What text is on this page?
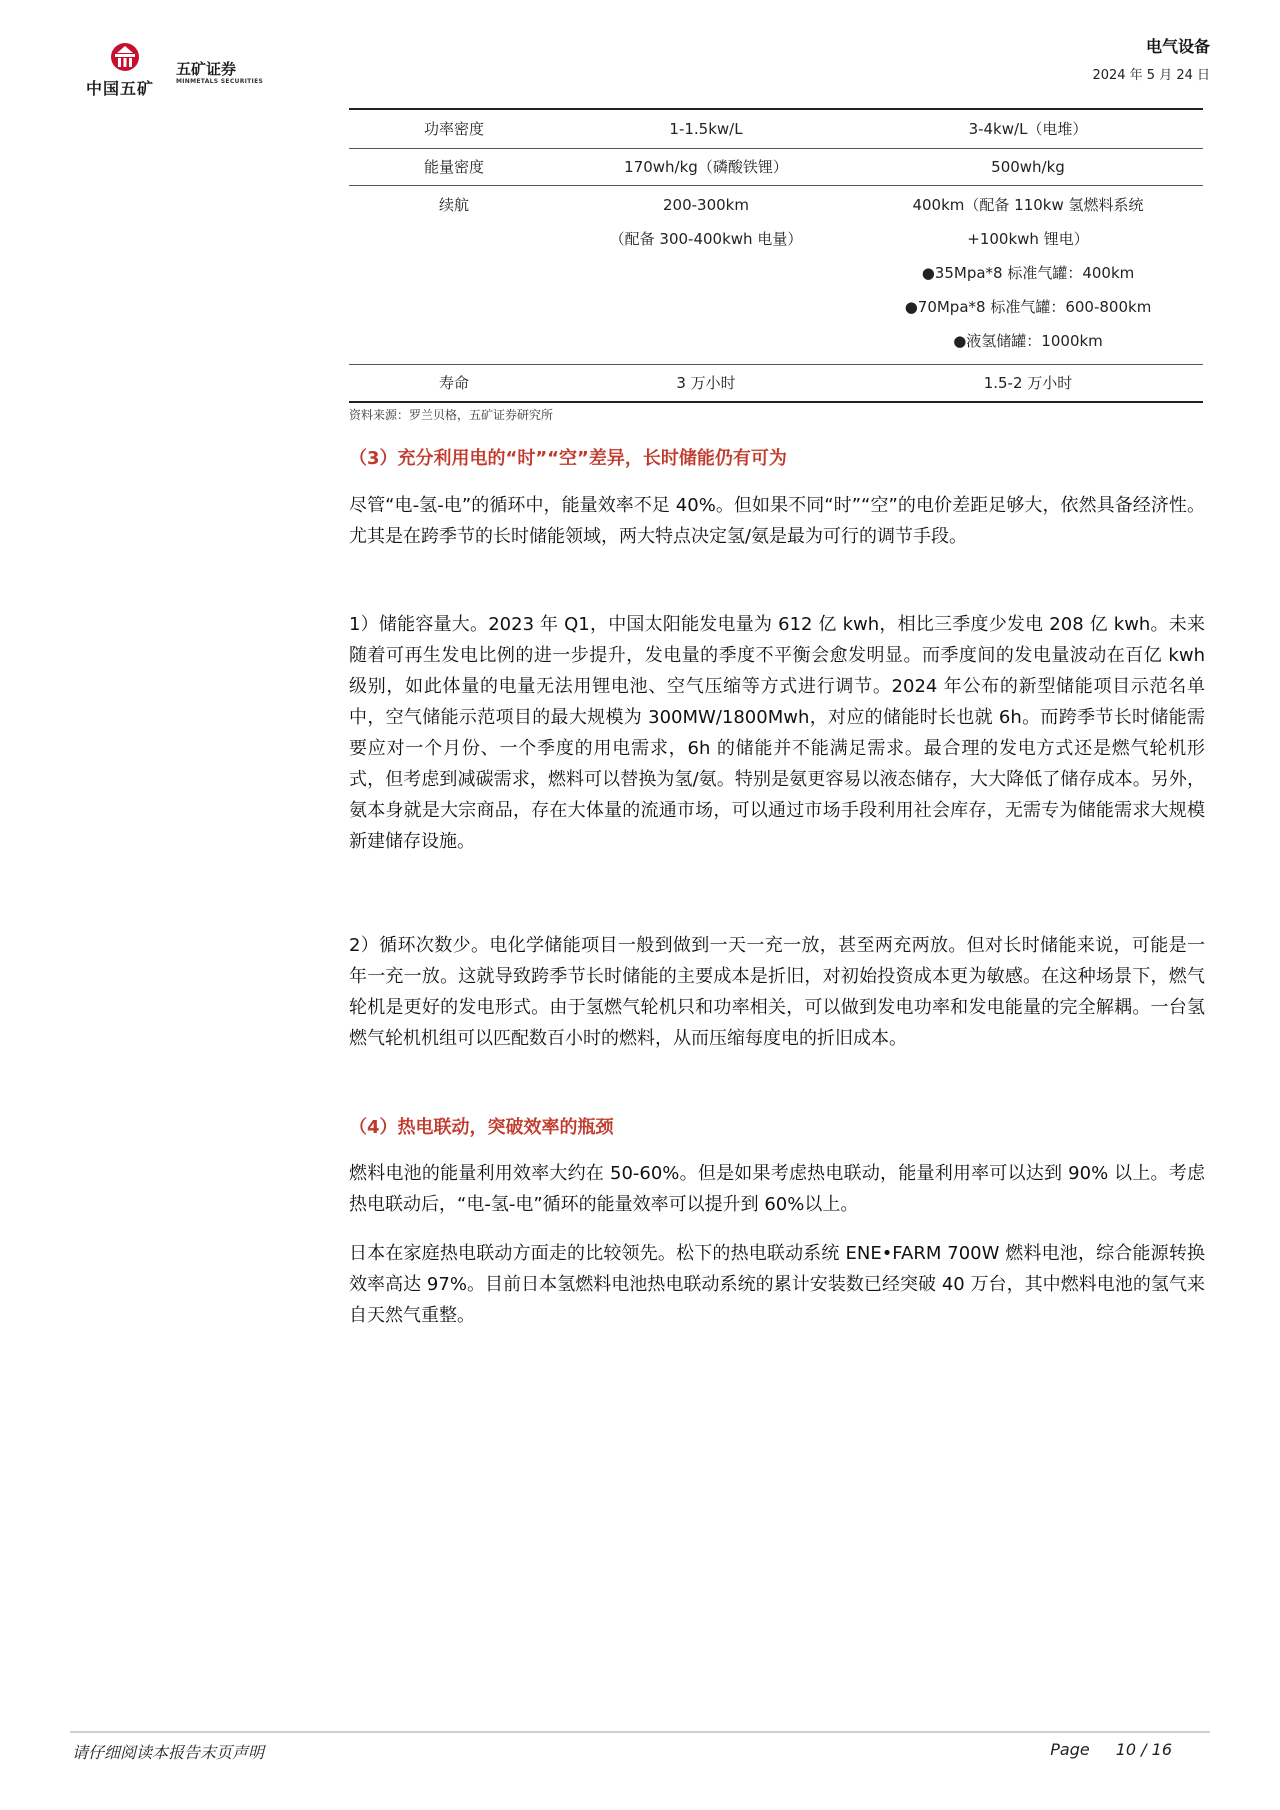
中国五矿
五矿证券
MINMETALS SECURITIES
电气设备
2024 年 5 月 24 日
功率密度	1-1.5kw/L	3-4kw/L（电堆）

能量密度	170wh/kg（磷酸铁锂）	500wh/kg

续航	200-300km
（配备 300-400kwh 电量）	400km（配备 110kw 氢燃料系统
+100kwh 锂电）
●35Mpa*8 标准气罐：400km
●70Mpa*8 标准气罐：600-800km
●液氢储罐：1000km

寿命	3 万小时	1.5-2 万小时
资料来源：罗兰贝格，五矿证券研究所
（3）充分利用电的“时”“空”差异，长时储能仍有可为

尽管“电-氢-电”的循环中，能量效率不足 40%。但如果不同“时”“空”的电价差距足够大，依然具备经济性。尤其是在跨季节的长时储能领域，两大特点决定氢/氨是最为可行的调节手段。

1）储能容量大。2023 年 Q1，中国太阳能发电量为 612 亿 kwh，相比三季度少发电 208 亿 kwh。未来随着可再生发电比例的进一步提升，发电量的季度不平衡会愈发明显。而季度间的发电量波动在百亿 kwh 级别，如此体量的电量无法用锂电池、空气压缩等方式进行调节。2024 年公布的新型储能项目示范名单中，空气储能示范项目的最大规模为 300MW/1800Mwh，对应的储能时长也就 6h。而跨季节长时储能需要应对一个月份、一个季度的用电需求，6h 的储能并不能满足需求。最合理的发电方式还是燃气轮机形式，但考虑到减碳需求，燃料可以替换为氢/氨。特别是氨更容易以液态储存，大大降低了储存成本。另外，氨本身就是大宗商品，存在大体量的流通市场，可以通过市场手段利用社会库存，无需专为储能需求大规模新建储存设施。

2）循环次数少。电化学储能项目一般到做到一天一充一放，甚至两充两放。但对长时储能来说，可能是一年一充一放。这就导致跨季节长时储能的主要成本是折旧，对初始投资成本更为敏感。在这种场景下，燃气轮机是更好的发电形式。由于氢燃气轮机只和功率相关，可以做到发电功率和发电能量的完全解耦。一台氢燃气轮机机组可以匹配数百小时的燃料，从而压缩每度电的折旧成本。

（4）热电联动，突破效率的瓶颈

燃料电池的能量利用效率大约在 50-60%。但是如果考虑热电联动，能量利用率可以达到 90% 以上。考虑热电联动后，“电-氢-电”循环的能量效率可以提升到 60%以上。

日本在家庭热电联动方面走的比较领先。松下的热电联动系统 ENE•FARM 700W 燃料电池，综合能源转换效率高达 97%。目前日本氢燃料电池热电联动系统的累计安装数已经突破 40 万台，其中燃料电池的氢气来自天然气重整。

请仔细阅读本报告末页声明	Page 10 / 16
